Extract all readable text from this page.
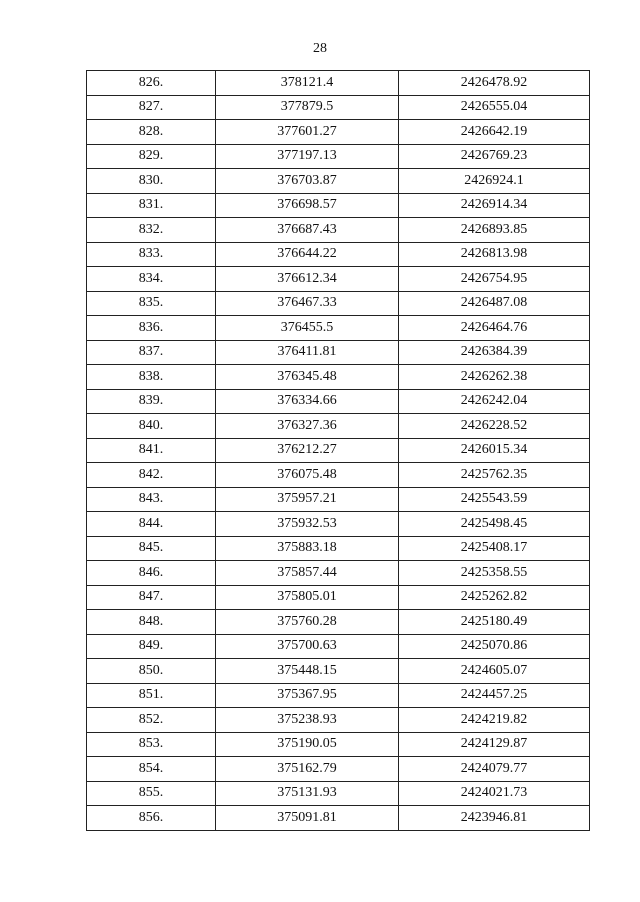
28
826.	378121.4	2426478.92
827.	377879.5	2426555.04
828.	377601.27	2426642.19
829.	377197.13	2426769.23
830.	376703.87	2426924.1
831.	376698.57	2426914.34
832.	376687.43	2426893.85
833.	376644.22	2426813.98
834.	376612.34	2426754.95
835.	376467.33	2426487.08
836.	376455.5	2426464.76
837.	376411.81	2426384.39
838.	376345.48	2426262.38
839.	376334.66	2426242.04
840.	376327.36	2426228.52
841.	376212.27	2426015.34
842.	376075.48	2425762.35
843.	375957.21	2425543.59
844.	375932.53	2425498.45
845.	375883.18	2425408.17
846.	375857.44	2425358.55
847.	375805.01	2425262.82
848.	375760.28	2425180.49
849.	375700.63	2425070.86
850.	375448.15	2424605.07
851.	375367.95	2424457.25
852.	375238.93	2424219.82
853.	375190.05	2424129.87
854.	375162.79	2424079.77
855.	375131.93	2424021.73
856.	375091.81	2423946.81
